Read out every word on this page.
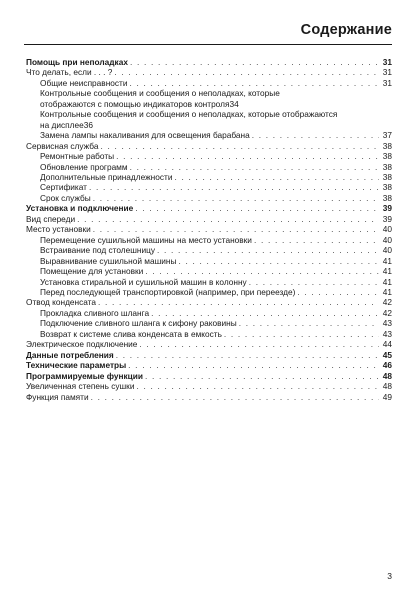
Содержание
Помощь при неполадках . . .	31
Что делать, если . . . ? . . .	31
Общие неисправности . . .	31
Контрольные сообщения и сообщения о неполадках, которые
отображаются с помощью индикаторов контроля 34
Контрольные сообщения и сообщения о неполадках, которые отображаются
на дисплее 36
Замена лампы накаливания для освещения барабана . . .	37
Сервисная служба . . .	38
Ремонтные работы . . .	38
Обновление программ . . .	38
Дополнительные принадлежности . . .	38
Сертификат . . .	38
Срок службы . . .	38
Установка и подключение . . .	39
Вид спереди . . .	39
Место установки . . .	40
Перемещение сушильной машины на место установки . . .	40
Встраивание под столешницу . . .	40
Выравнивание сушильной машины . . .	41
Помещение для установки . . .	41
Установка стиральной и сушильной машин в колонну . . .	41
Перед последующей транспортировкой (например, при переезде) . . .	41
Отвод конденсата . . .	42
Прокладка сливного шланга . . .	42
Подключение сливного шланга к сифону раковины . . .	43
Возврат к системе слива конденсата в емкость . . .	43
Электрическое подключение . . .	44
Данные потребления . . .	45
Технические параметры . . .	46
Программируемые функции . . .	48
Увеличенная степень сушки . . .	48
Функция памяти . . .	49
3
